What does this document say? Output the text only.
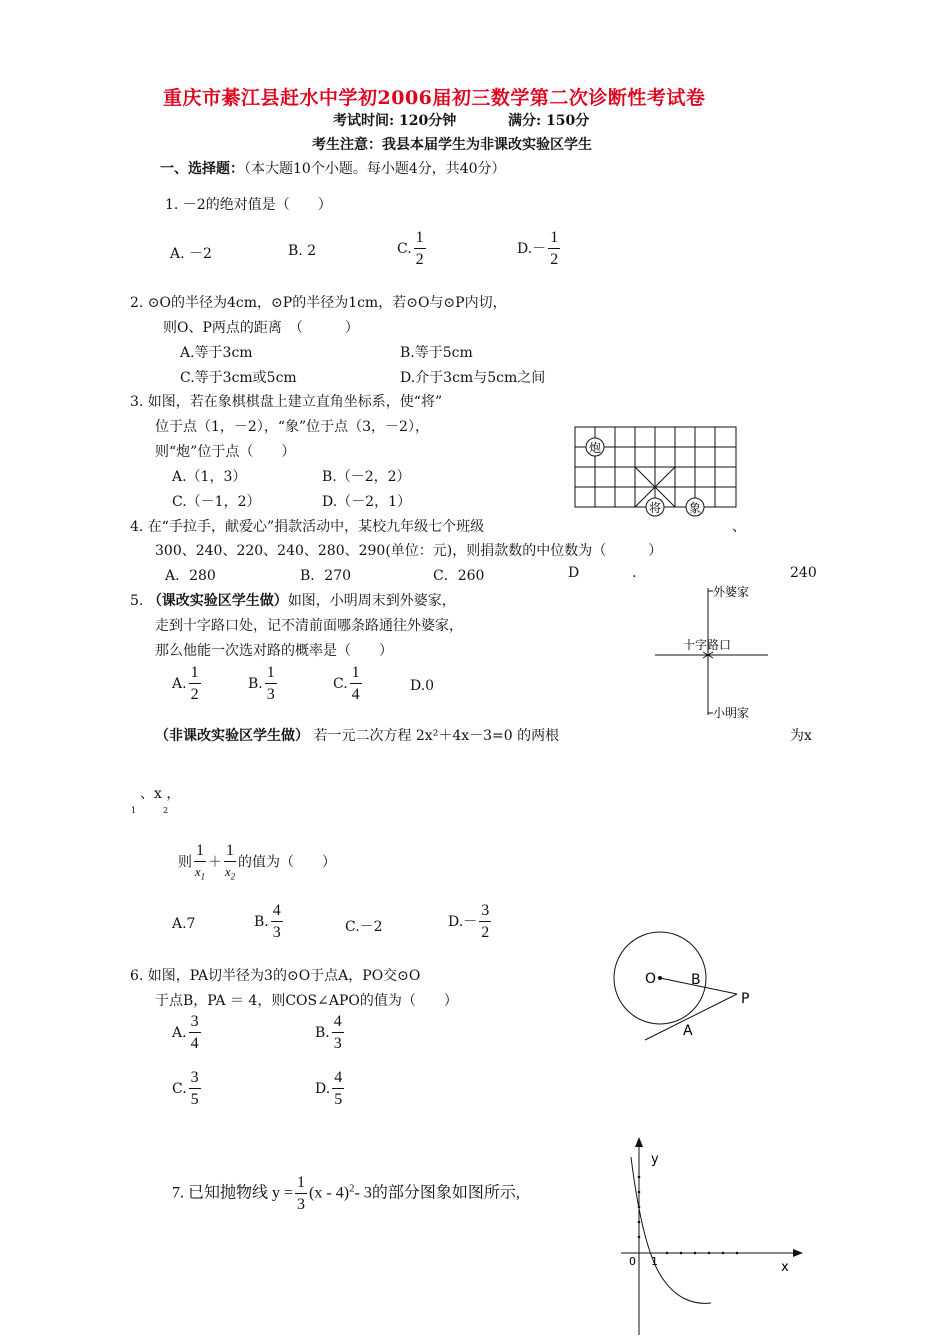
重庆市綦江县赶水中学初2006届初三数学第二次诊断性考试卷
考试时间: 120分钟	满分: 150分
考生注意：我县本届学生为非课改实验区学生
一、选择题：（本大题10个小题。每小题4分，共40分）
1. －2的绝对值是（　　）
A. －2	B. 2	C. $\frac{1}{2}$	$D.- \frac{1}{2}$
2. ⊙O的半径为4cm，⊙P的半径为1cm，若⊙O与⊙P内切，
则O、P两点的距离　（　　　）
A.等于3cm	B.等于5cm
C.等于3cm或5cm	D.介于3cm与5cm之间
3. 如图，若在象棋棋盘上建立直角坐标系，使“将”
位于点（1，－2），“象”位于点（3，－2），
则“炮”位于点（　　）
A.（1，3）	B.（－2，2）
C.（－1，2）	D.（－2，1）
炮
将 象
4. 在“手拉手，献爱心”捐款活动中，某校九年级七个班级	、
300、240、220、240、280、290(单位：元)，则捐款数的中位数为（　　　）
A．280	B．270	C．260	D	.	240
5. （课改实验区学生做）如图，小明周末到外婆家，
走到十字路口处，记不清前面哪条路通往外婆家，
那么他能一次选对路的概率是（　　）
A. $\frac{1}{2}$	B. $\frac{1}{3}$	C. $\frac{1}{4}$	D.0
外婆家
十字路口
小明家
（非课改实验区学生做） 若一元二次方程 2x²＋4x－3=0 的两根	为x
、x ，
1	2
则 $\frac{1}{x_1} + \frac{1}{x_2}$ 的值为（　　）
A.7	B. $\frac{4}{3}$	C.－2	$D.- \frac{3}{2}$
6. 如图，PA切半径为3的⊙O于点A，PO交⊙O
于点B，PA ＝ 4，则COS∠APO的值为（　　）
A. $\frac{3}{4}$	B. $\frac{4}{3}$
C. $\frac{3}{5}$	D. $\frac{4}{5}$
O B
P
A
7. 已知抛物线 $y = \frac{1}{3} (x - 4)^2-$ 3的部分图象如图所示,
y
x
0 1
